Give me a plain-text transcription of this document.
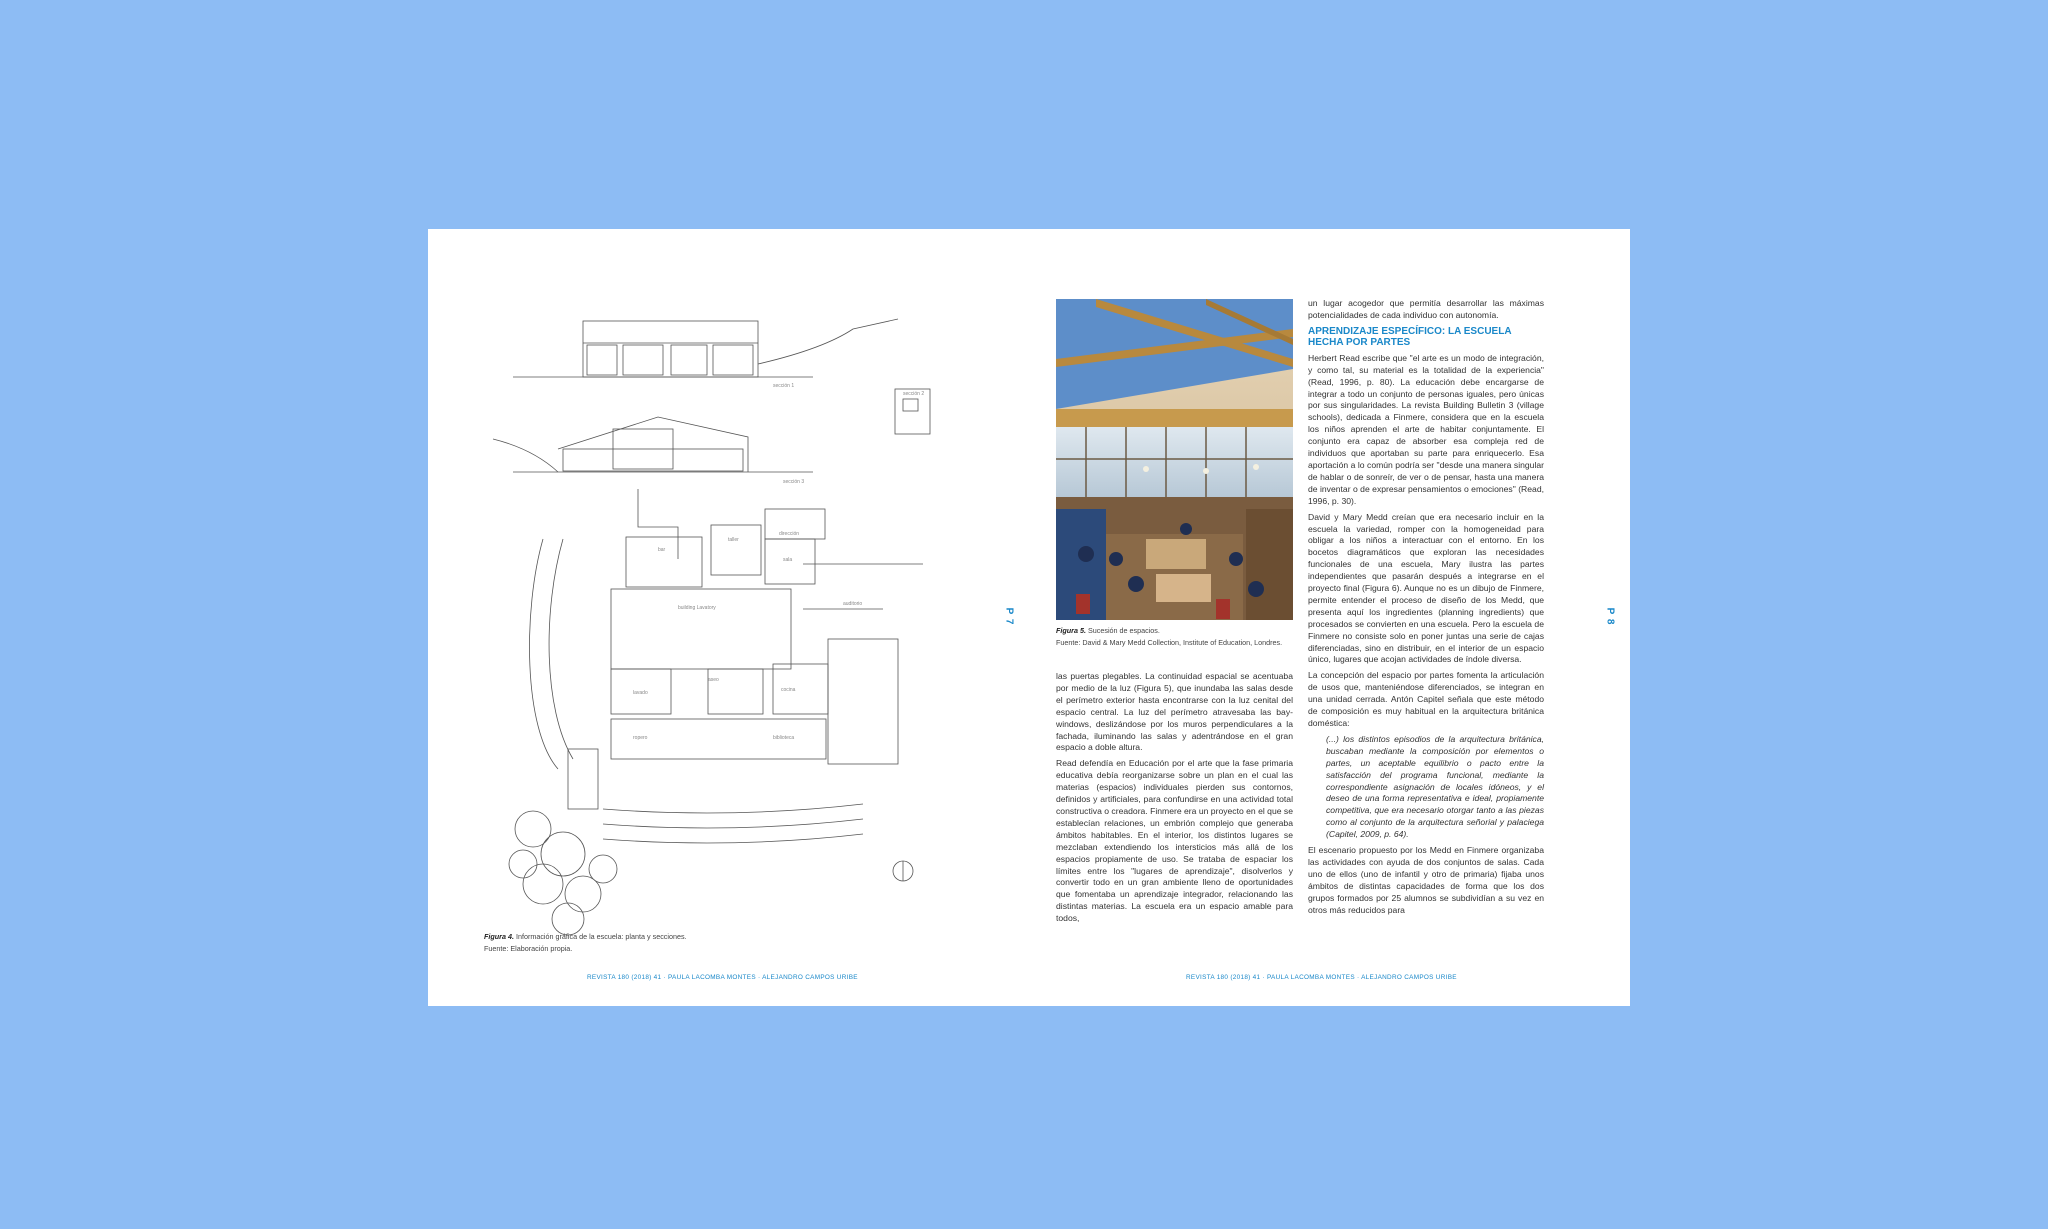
sección 1
sección 2
sección 3
taller
auditorio
bar
dirección
sala
building Lavatory
lavado
aseo
cocina
ropero	biblioteca
Figura 4. Información gráfica de la escuela: planta y secciones.
Fuente: Elaboración propia.
P 7
REVISTA 180 (2018) 41 · PAULA LACOMBA MONTES · ALEJANDRO CAMPOS URIBE
Figura 5. Sucesión de espacios.
Fuente: David & Mary Medd Collection, Institute of Education, Londres.

las puertas plegables. La continuidad espacial se acentuaba por medio de la luz (Figura 5), que inundaba las salas desde el perímetro exterior hasta encontrarse con la luz cenital del espacio central. La luz del perímetro atravesaba las bay-windows, deslizándose por los muros perpendiculares a la fachada, iluminando las salas y adentrándose en el gran espacio a doble altura.

Read defendía en Educación por el arte que la fase primaria educativa debía reorganizarse sobre un plan en el cual las materias (espacios) individuales pierden sus contornos, definidos y artificiales, para confundirse en una actividad total constructiva o creadora. Finmere era un proyecto en el que se establecían relaciones, un embrión complejo que generaba ámbitos habitables. En el interior, los distintos lugares se mezclaban extendiendo los intersticios más allá de los espacios propiamente de uso. Se trataba de espaciar los límites entre los "lugares de aprendizaje", disolverlos y convertir todo en un gran ambiente lleno de oportunidades que fomentaba un aprendizaje integrador, relacionando las distintas materias. La escuela era un espacio amable para todos,

un lugar acogedor que permitía desarrollar las máximas potencialidades de cada individuo con autonomía.

APRENDIZAJE ESPECÍFICO: LA ESCUELA HECHA POR PARTES

Herbert Read escribe que "el arte es un modo de integración, y como tal, su material es la totalidad de la experiencia" (Read, 1996, p. 80). La educación debe encargarse de integrar a todo un conjunto de personas iguales, pero únicas por sus singularidades. La revista Building Bulletin 3 (village schools), dedicada a Finmere, considera que en la escuela los niños aprenden el arte de habitar conjuntamente. El conjunto era capaz de absorber esa compleja red de individuos que aportaban su parte para enriquecerlo. Esa aportación a lo común podría ser "desde una manera singular de hablar o de sonreír, de ver o de pensar, hasta una manera de inventar o de expresar pensamientos o emociones" (Read, 1996, p. 30).

David y Mary Medd creían que era necesario incluir en la escuela la variedad, romper con la homogeneidad para obligar a los niños a interactuar con el entorno. En los bocetos diagramáticos que exploran las necesidades funcionales de una escuela, Mary ilustra las partes independientes que pasarán después a integrarse en el proyecto final (Figura 6). Aunque no es un dibujo de Finmere, permite entender el proceso de diseño de los Medd, que presenta aquí los ingredientes (planning ingredients) que procesados se convierten en una escuela. Pero la escuela de Finmere no consiste solo en poner juntas una serie de cajas diferenciadas, sino en distribuir, en el interior de un espacio único, lugares que acojan actividades de índole diversa.

La concepción del espacio por partes fomenta la articulación de usos que, manteniéndose diferenciados, se integran en una unidad cerrada. Antón Capitel señala que este método de composición es muy habitual en la arquitectura británica doméstica:

(...) los distintos episodios de la arquitectura británica, buscaban mediante la composición por elementos o partes, un aceptable equilibrio o pacto entre la satisfacción del programa funcional, mediante la correspondiente asignación de locales idóneos, y el deseo de una forma representativa e ideal, propiamente competitiva, que era necesario otorgar tanto a las piezas como al conjunto de la arquitectura señorial y palaciega (Capitel, 2009, p. 64).

El escenario propuesto por los Medd en Finmere organizaba las actividades con ayuda de dos conjuntos de salas. Cada uno de ellos (uno de infantil y otro de primaria) fijaba unos ámbitos de distintas capacidades de forma que los dos grupos formados por 25 alumnos se subdividían a su vez en otros más reducidos para

P 8
REVISTA 180 (2018) 41 · PAULA LACOMBA MONTES · ALEJANDRO CAMPOS URIBE
